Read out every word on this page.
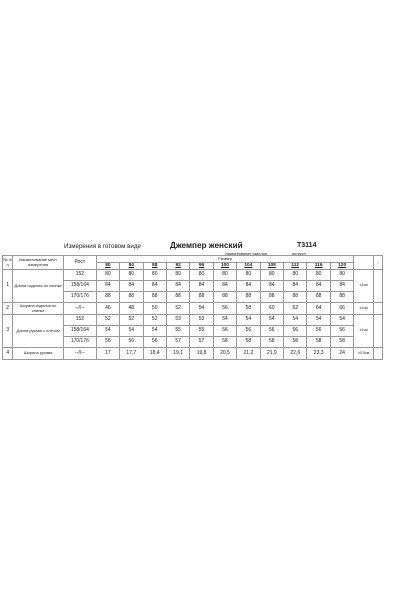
Измерения в готовом виде	Джемпер женский	Т3114
Наименование изделия	артикул
№ п/п	Наименование мест измерения	Рост	Размер												⋮
			80	84	88	92	96	100	104	108	112	116	120		
1	Длина изделия по спинке	152	80	80	80	80	80	80	80	80	80	80	80	±1см	
		158/164	84	84	84	84	84	84	84	84	84	84	84		
		170/176	88	88	88	88	88	88	88	88	88	88	88		
2	Ширина изделия по спинке	--//--	46	48	50	52	54	56	58	60	62	64	66	±1см	
3	Длина рукава с плечом	152	52	52	52	53	53	54	54	54	54	54	54	±1см	
		158/164	54	54	54	55	55	56	56	56	56	56	56		
		170/176	56	56	56	57	57	58	58	58	58	58	58		
4	Ширина рукава	--//--	17	17,7	18,4	19,1	19,8	20,5	21,2	21,9	22,6	23,3	24	±0.5см	
